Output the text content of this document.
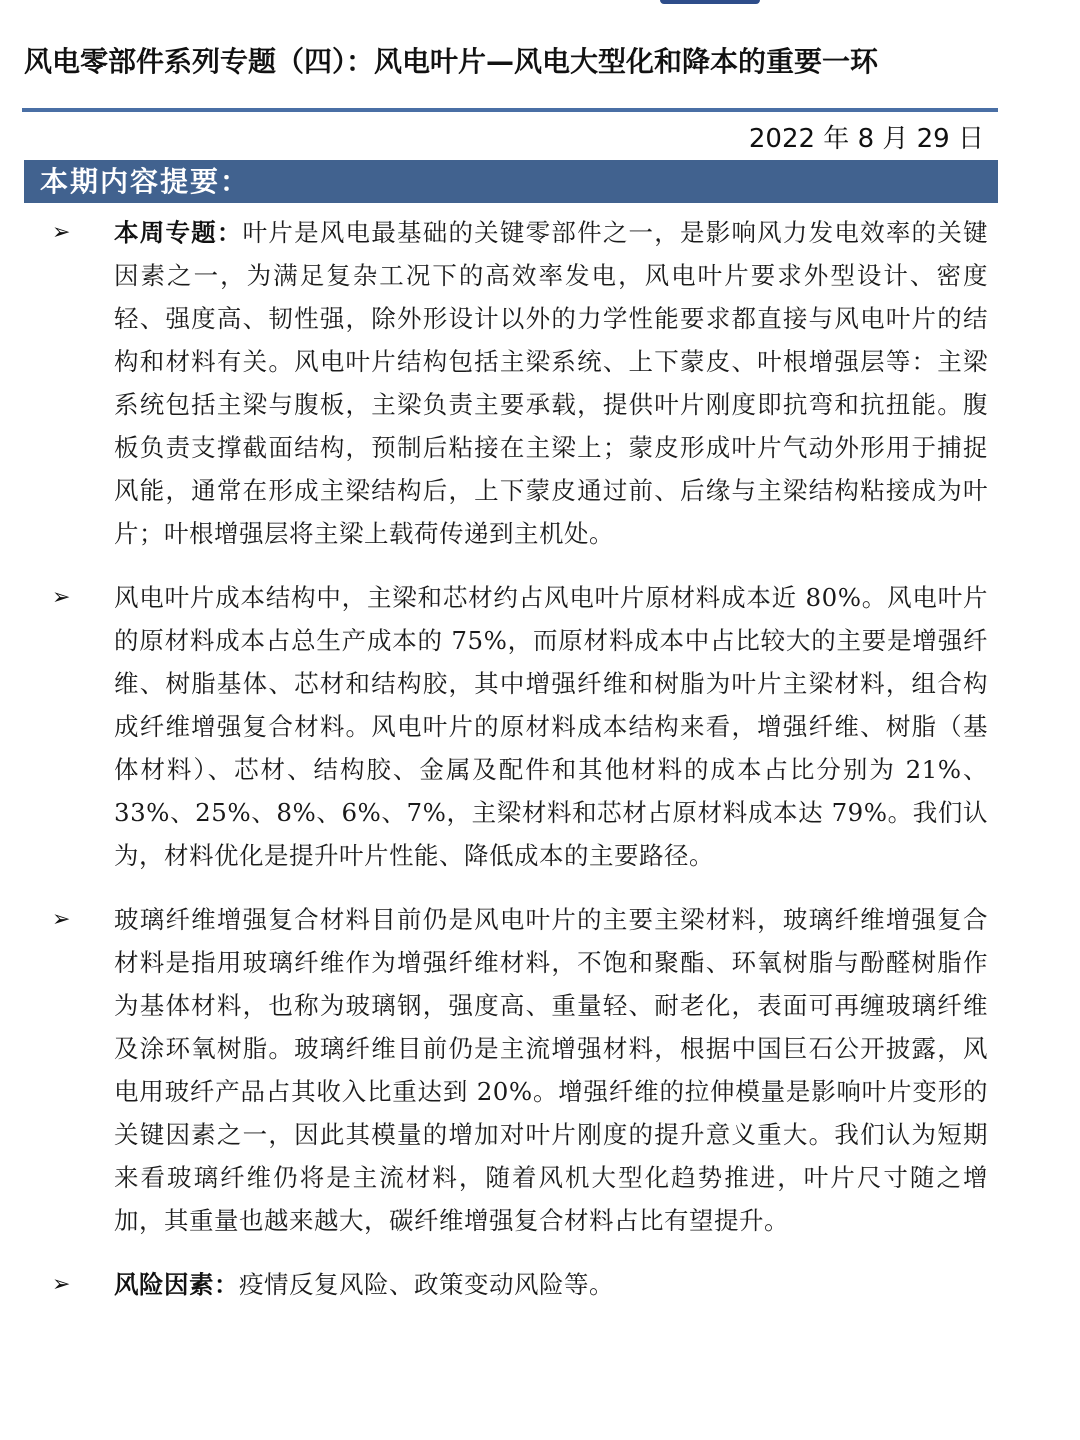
风电零部件系列专题（四）：风电叶片—风电大型化和降本的重要一环
2022 年 8 月 29 日
本期内容提要：
➢ 本周专题：叶片是风电最基础的关键零部件之一，是影响风力发电效率的关键因素之一，为满足复杂工况下的高效率发电，风电叶片要求外型设计、密度轻、强度高、韧性强，除外形设计以外的力学性能要求都直接与风电叶片的结构和材料有关。风电叶片结构包括主梁系统、上下蒙皮、叶根增强层等：主梁系统包括主梁与腹板，主梁负责主要承载，提供叶片刚度即抗弯和抗扭能。腹板负责支撑截面结构，预制后粘接在主梁上；蒙皮形成叶片气动外形用于捕捉风能，通常在形成主梁结构后，上下蒙皮通过前、后缘与主梁结构粘接成为叶片；叶根增强层将主梁上载荷传递到主机处。
➢ 风电叶片成本结构中，主梁和芯材约占风电叶片原材料成本近 80%。风电叶片的原材料成本占总生产成本的 75%，而原材料成本中占比较大的主要是增强纤维、树脂基体、芯材和结构胶，其中增强纤维和树脂为叶片主梁材料，组合构成纤维增强复合材料。风电叶片的原材料成本结构来看，增强纤维、树脂（基体材料）、芯材、结构胶、金属及配件和其他材料的成本占比分别为 21%、33%、25%、8%、6%、7%，主梁材料和芯材占原材料成本达 79%。我们认为，材料优化是提升叶片性能、降低成本的主要路径。
➢ 玻璃纤维增强复合材料目前仍是风电叶片的主要主梁材料，玻璃纤维增强复合材料是指用玻璃纤维作为增强纤维材料，不饱和聚酯、环氧树脂与酚醛树脂作为基体材料，也称为玻璃钢，强度高、重量轻、耐老化，表面可再缠玻璃纤维及涂环氧树脂。玻璃纤维目前仍是主流增强材料，根据中国巨石公开披露，风电用玻纤产品占其收入比重达到 20%。增强纤维的拉伸模量是影响叶片变形的关键因素之一，因此其模量的增加对叶片刚度的提升意义重大。我们认为短期来看玻璃纤维仍将是主流材料，随着风机大型化趋势推进，叶片尺寸随之增加，其重量也越来越大，碳纤维增强复合材料占比有望提升。
➢ 风险因素：疫情反复风险、政策变动风险等。
